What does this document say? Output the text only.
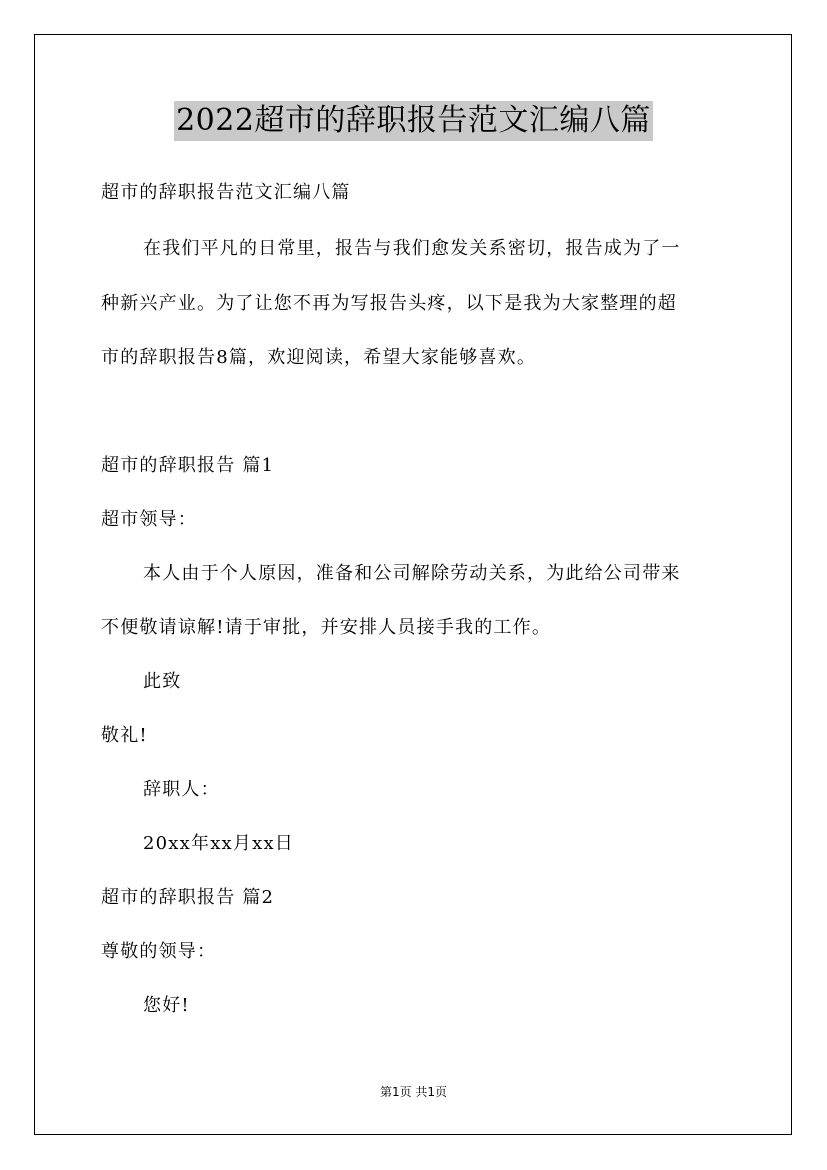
2022超市的辞职报告范文汇编八篇
超市的辞职报告范文汇编八篇
在我们平凡的日常里，报告与我们愈发关系密切，报告成为了一
种新兴产业。为了让您不再为写报告头疼，以下是我为大家整理的超
市的辞职报告8篇，欢迎阅读，希望大家能够喜欢。
超市的辞职报告 篇1
超市领导：
本人由于个人原因，准备和公司解除劳动关系，为此给公司带来
不便敬请谅解!请于审批，并安排人员接手我的工作。
此致
敬礼!
辞职人：
20xx年xx月xx日
超市的辞职报告 篇2
尊敬的领导：
您好!
第1页 共1页
